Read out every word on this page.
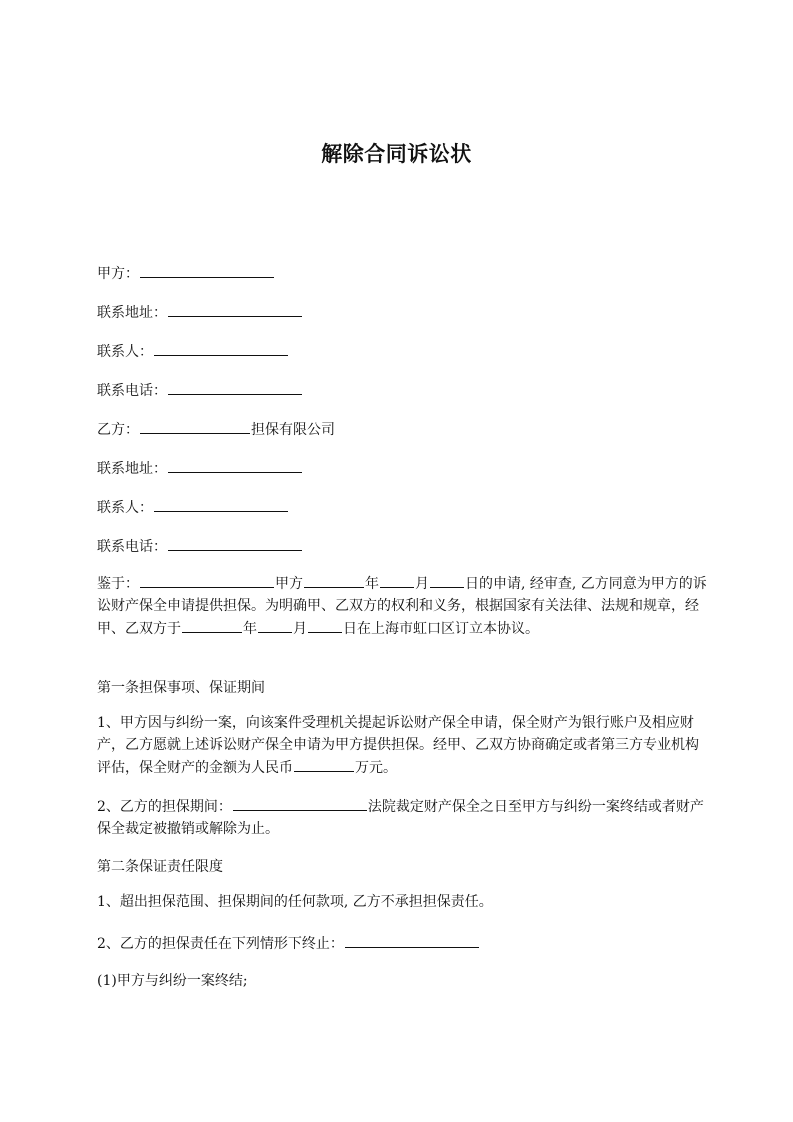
解除合同诉讼状
甲方：
联系地址：
联系人：
联系电话：
乙方：	担保有限公司
联系地址：
联系人：
联系电话：
鉴于：	甲方	年	月	日的申请, 经审查, 乙方同意为甲方的诉讼财产保全申请提供担保。为明确甲、乙双方的权利和义务，根据国家有关法律、法规和规章，经甲、乙双方于	年	月	日在上海市虹口区订立本协议。
第一条担保事项、保证期间
1、甲方因与纠纷一案，向该案件受理机关提起诉讼财产保全申请，保全财产为银行账户及相应财产，乙方愿就上述诉讼财产保全申请为甲方提供担保。经甲、乙双方协商确定或者第三方专业机构评估，保全财产的金额为人民币	万元。
2、乙方的担保期间：	法院裁定财产保全之日至甲方与纠纷一案终结或者财产保全裁定被撤销或解除为止。
第二条保证责任限度
1、超出担保范围、担保期间的任何款项, 乙方不承担担保责任。
2、乙方的担保责任在下列情形下终止：
(1)甲方与纠纷一案终结;
